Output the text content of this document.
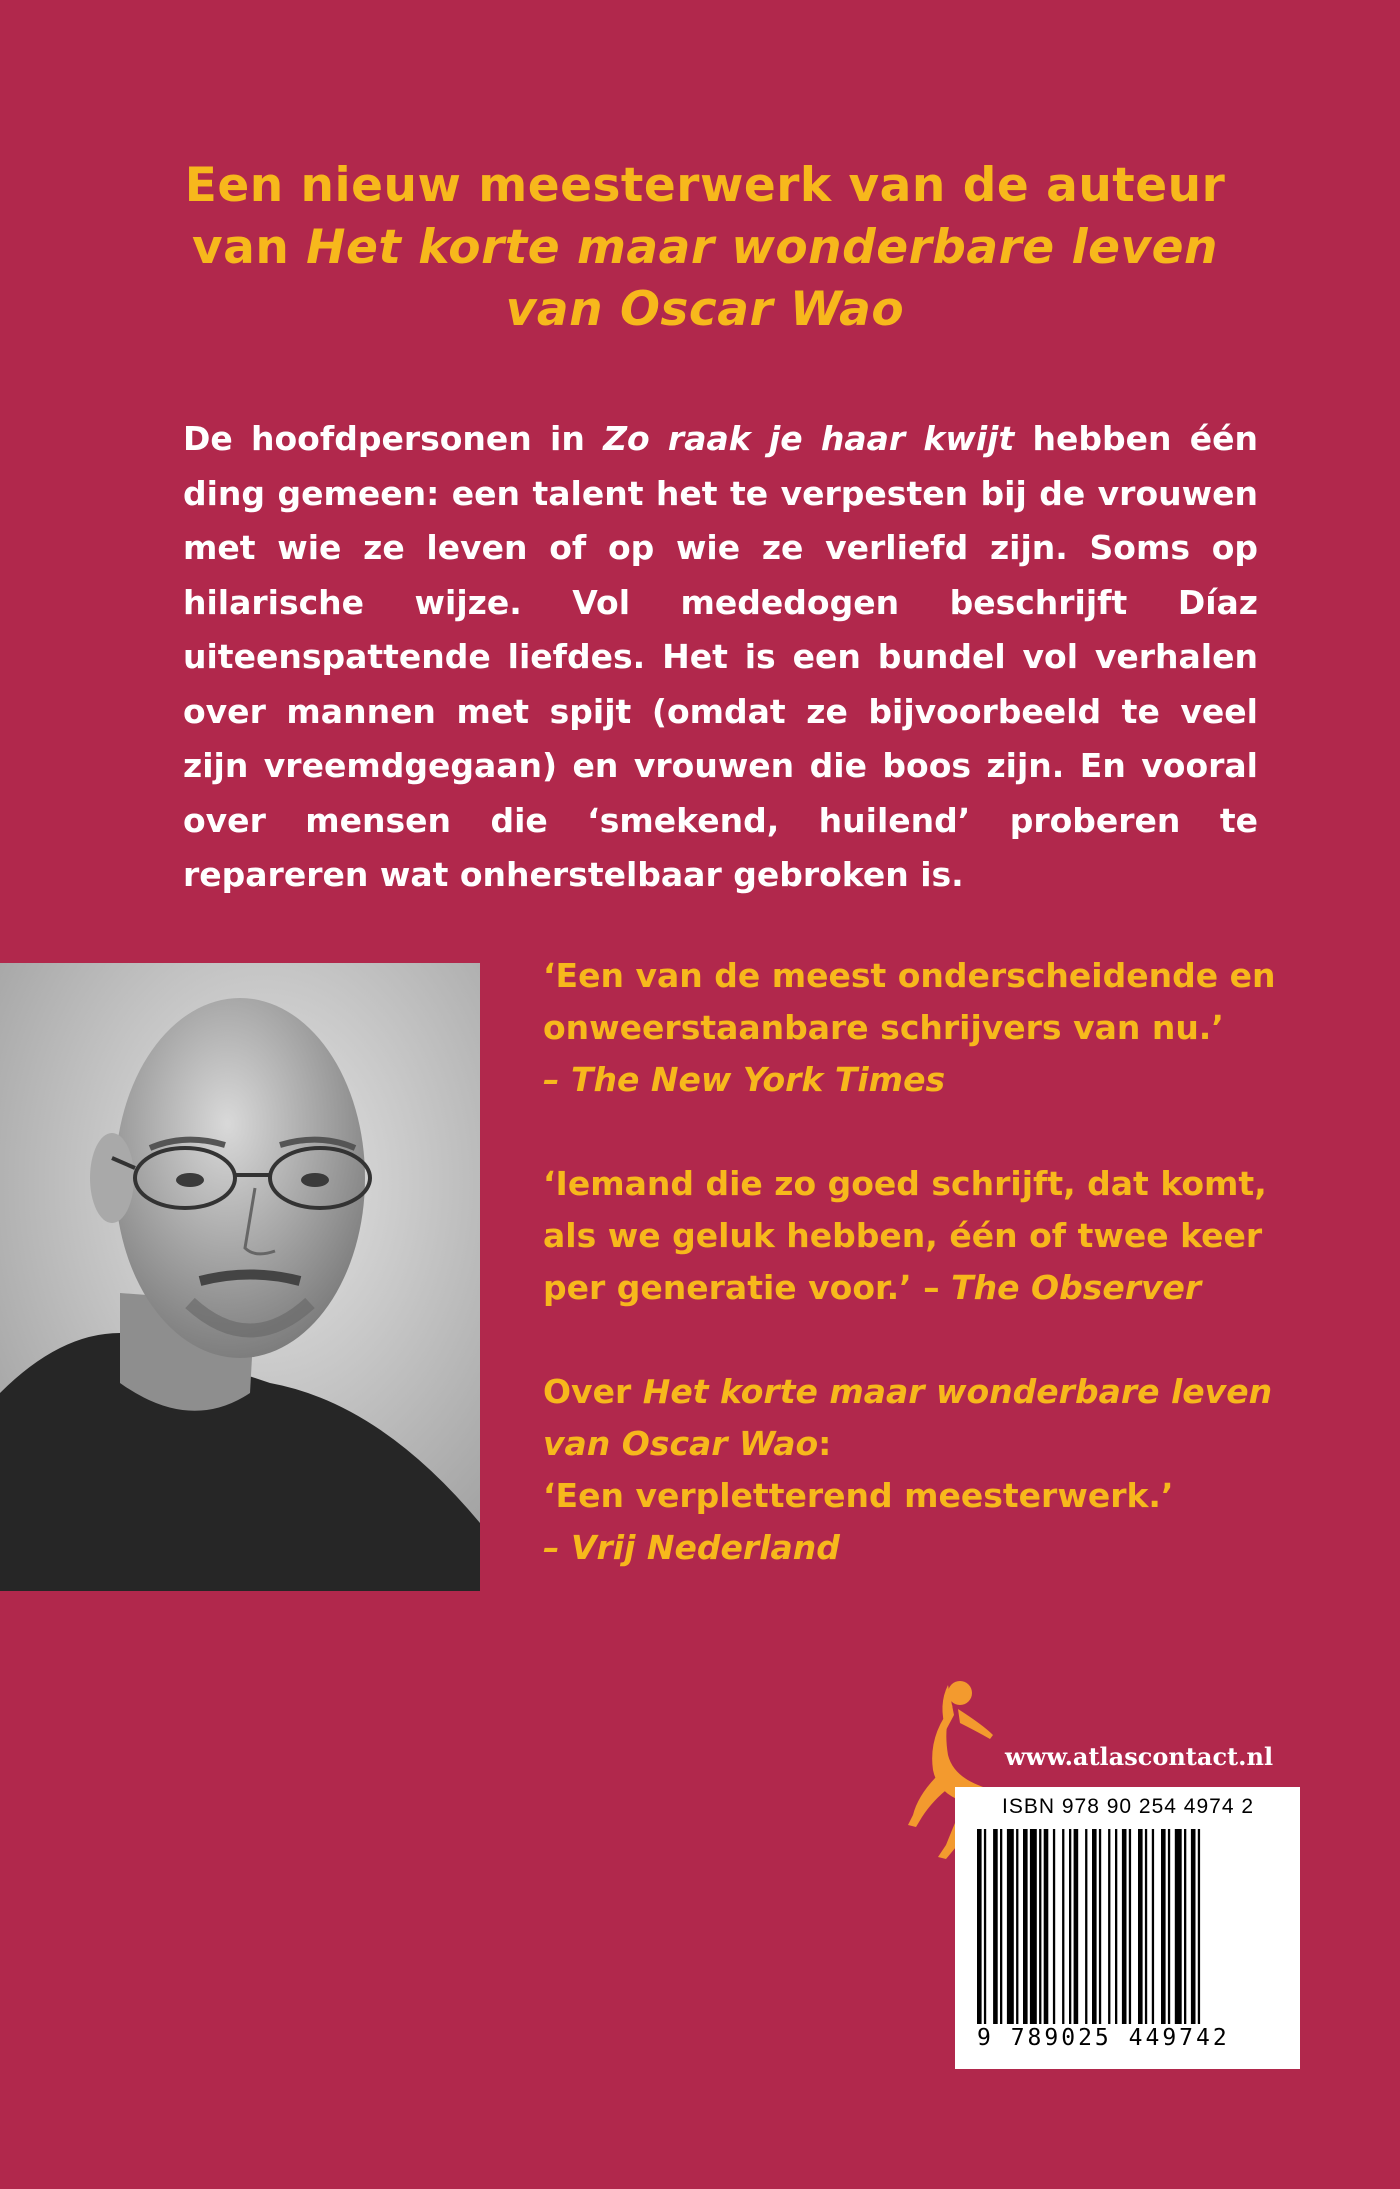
Een nieuw meesterwerk van de auteur
van Het korte maar wonderbare leven
van Oscar Wao
De hoofdpersonen in Zo raak je haar kwijt hebben één ding gemeen: een talent het te verpesten bij de vrouwen met wie ze leven of op wie ze verliefd zijn. Soms op hilarische wijze. Vol mededogen beschrijft Díaz uiteenspattende liefdes. Het is een bundel vol verhalen over mannen met spijt (omdat ze bijvoorbeeld te veel zijn vreemdgegaan) en vrouwen die boos zijn. En vooral over mensen die ‘smekend, huilend’ proberen te repareren wat onherstelbaar gebroken is.
‘Een van de meest onderscheidende en onweerstaanbare schrijvers van nu.’
– The New York Times
‘Iemand die zo goed schrijft, dat komt, als we geluk hebben, één of twee keer per generatie voor.’ – The Observer
Over Het korte maar wonderbare leven van Oscar Wao:
‘Een verpletterend meesterwerk.’
– Vrij Nederland
www.atlascontact.nl
ISBN 978 90 254 4974 2
9 789025 449742
